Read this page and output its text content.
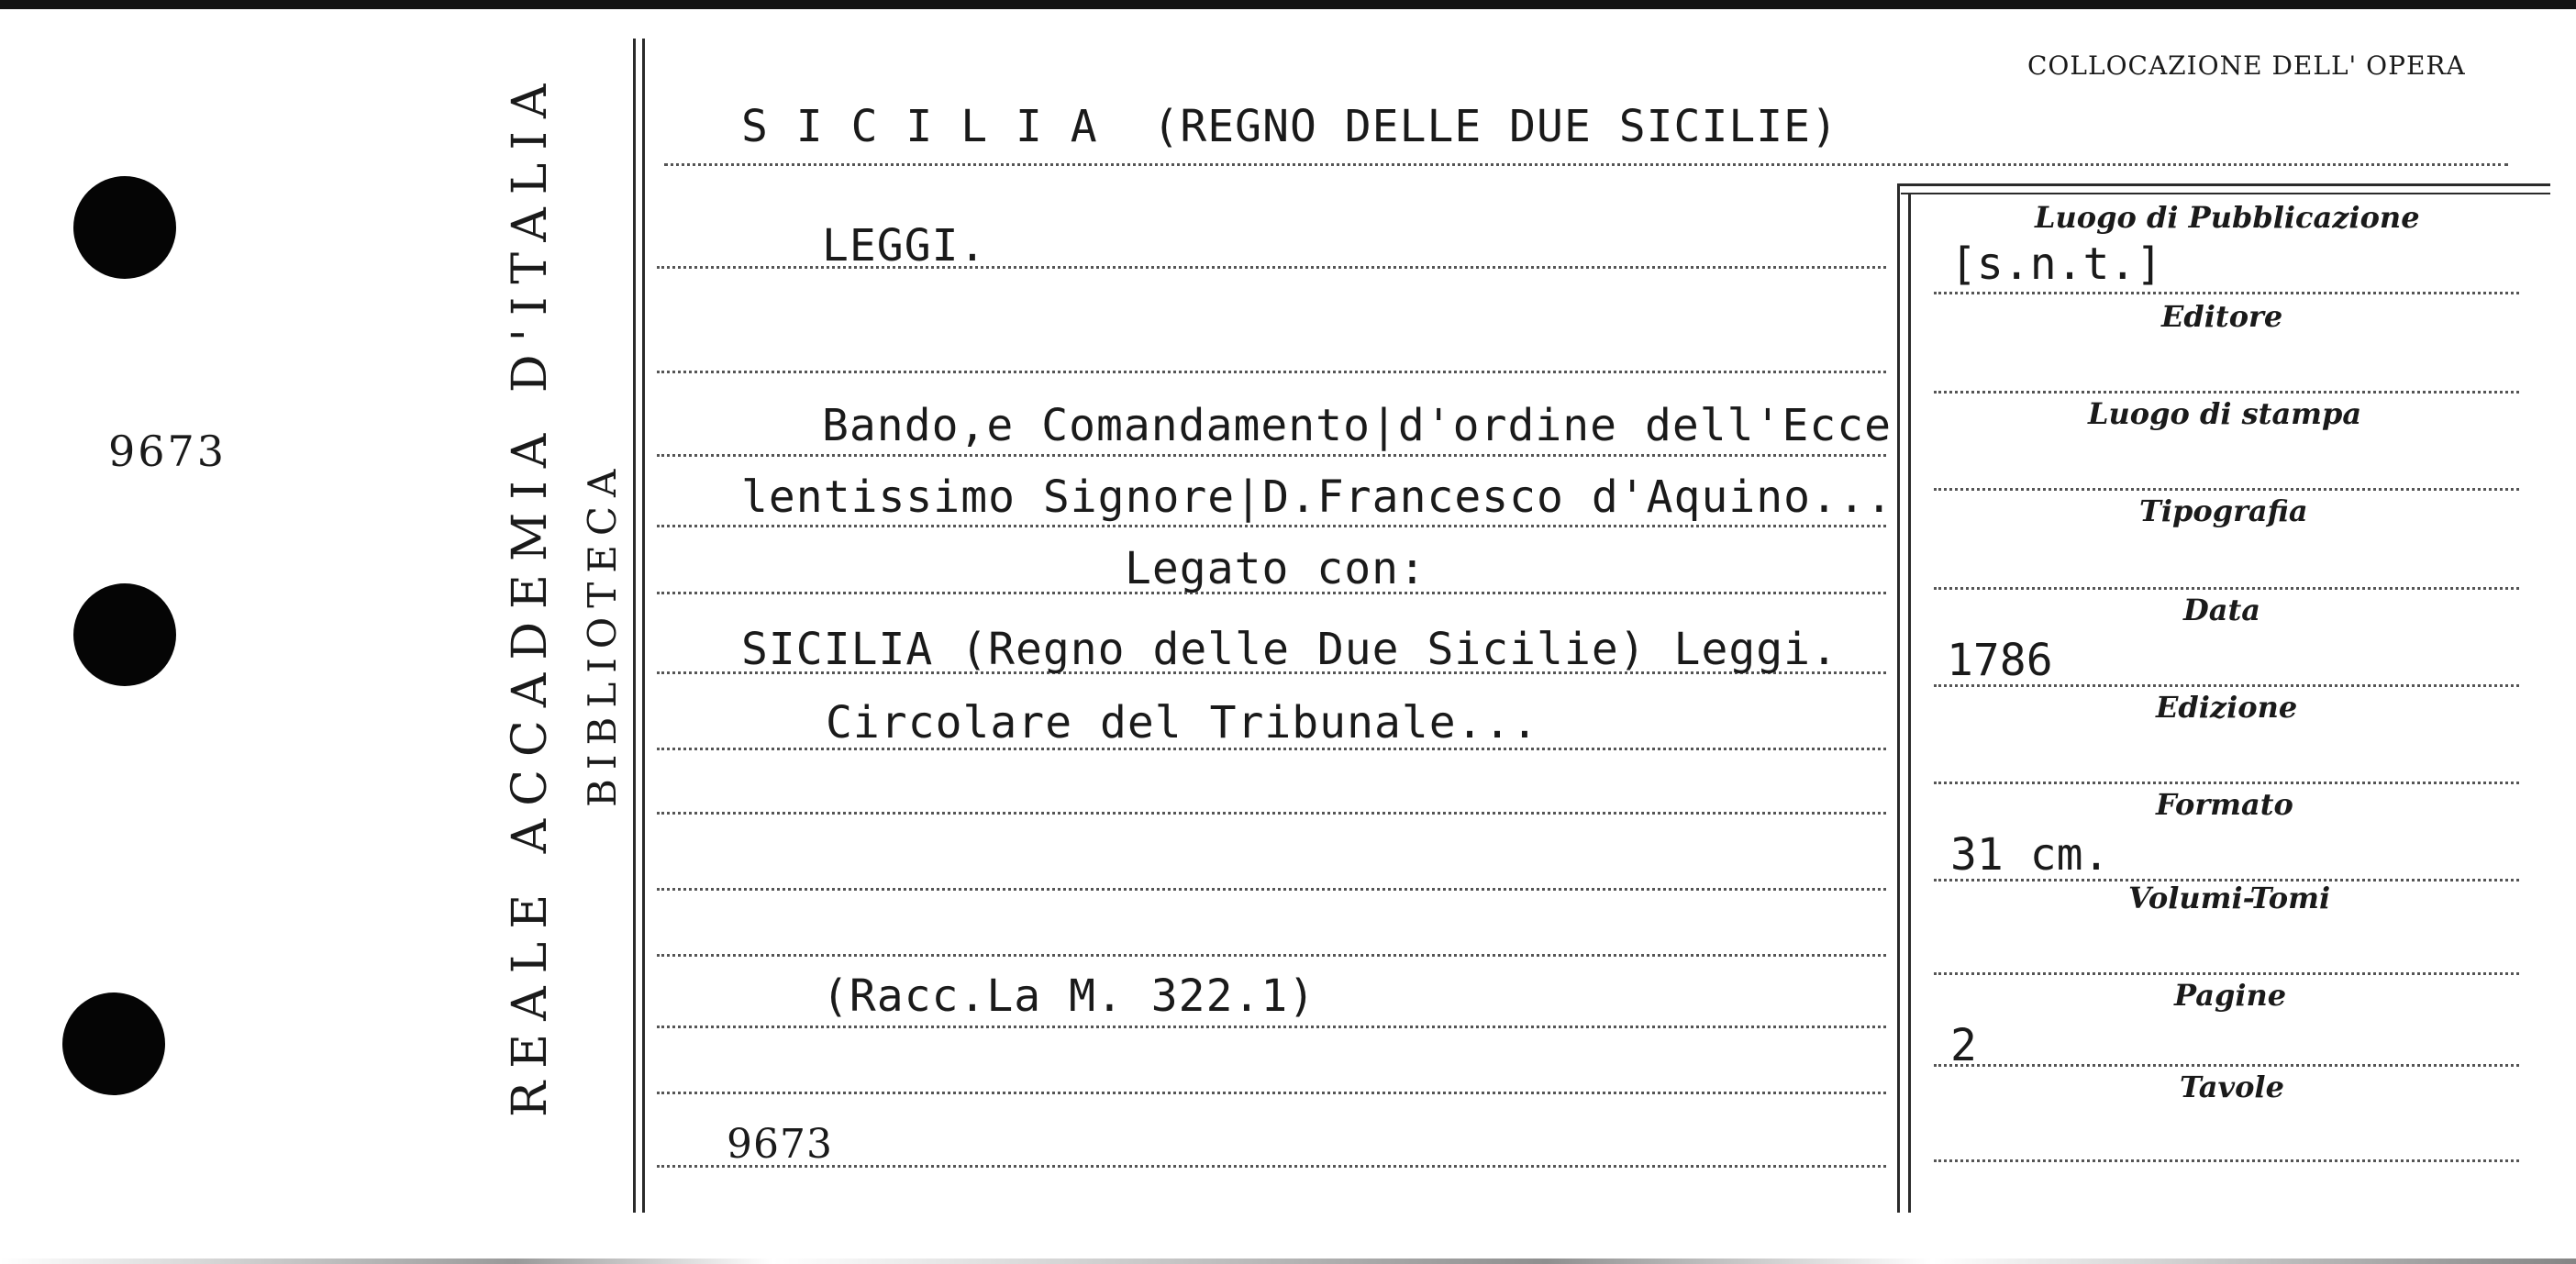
9673	REALE ACCADEMIA D'ITALIA BIBLIOTECA
COLLOCAZIONE DELL' OPERA
S I C I L I A  (REGNO DELLE DUE SICILIE)
LEGGI.
Bando,e Comandamento|d'ordine dell'Ecce
lentissimo Signore|D.Francesco d'Aquino...
Legato con:
SICILIA (Regno delle Due Sicilie) Leggi.
Circolare del Tribunale...
(Racc.La M. 322.1)
9673
Luogo di Pubblicazione
[s.n.t.]
Editore
Luogo di stampa
Tipografia
Data
1786
Edizione
Formato
31 cm.
Volumi-Tomi
Pagine
2
Tavole
